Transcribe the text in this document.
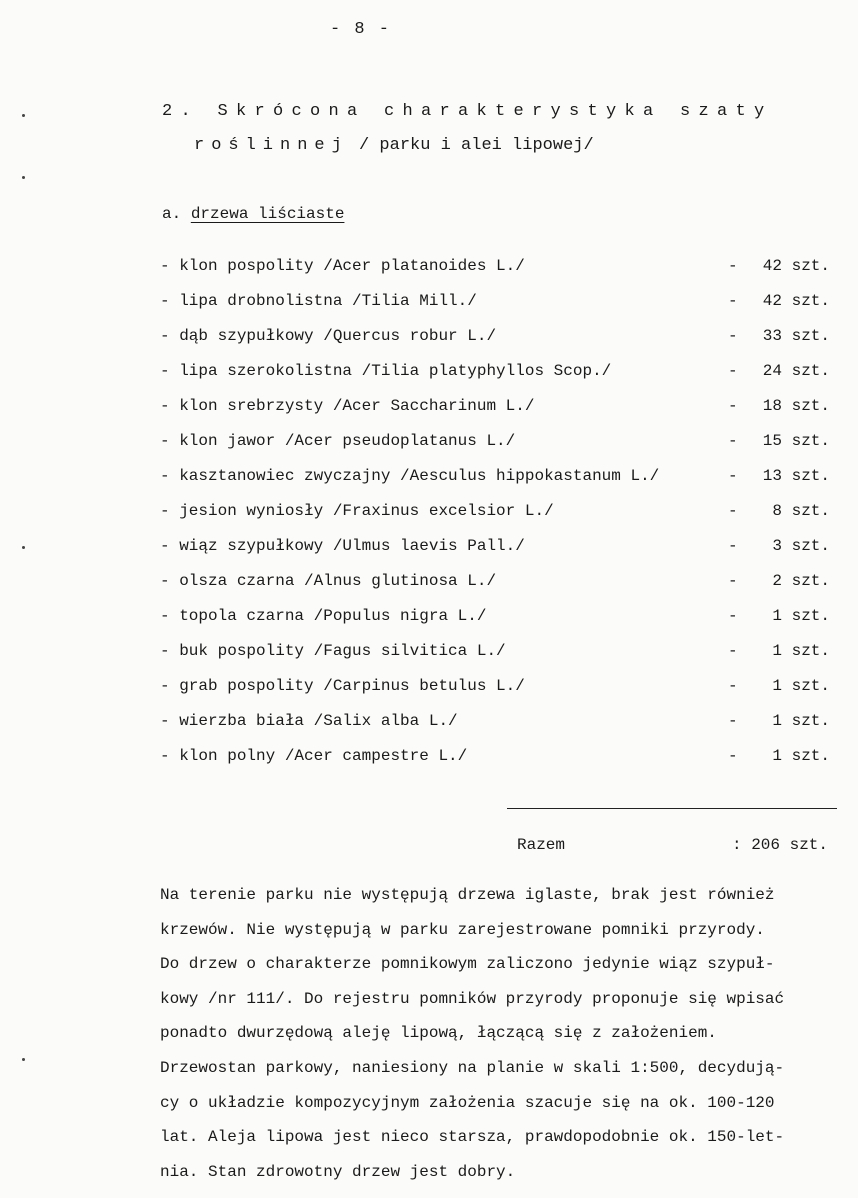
- 8 -
2. Skrócona charakterystyka szaty
roślinnej / parku i alei lipowej/
a. drzewa liściaste
- klon pospolity /Acer platanoides L./	- 42 szt.
- lipa drobnolistna /Tilia Mill./	- 42 szt.
- dąb szypułkowy /Quercus robur L./	- 33 szt.
- lipa szerokolistna /Tilia platyphyllos Scop./	- 24 szt.
- klon srebrzysty /Acer Saccharinum L./	- 18 szt.
- klon jawor /Acer pseudoplatanus L./	- 15 szt.
- kasztanowiec zwyczajny /Aesculus hippokastanum L./	- 13 szt.
- jesion wyniosły /Fraxinus excelsior L./	- 8 szt.
- wiąz szypułkowy /Ulmus laevis Pall./	- 3 szt.
- olsza czarna /Alnus glutinosa L./	- 2 szt.
- topola czarna /Populus nigra L./	- 1 szt.
- buk pospolity /Fagus silvitica L./	- 1 szt.
- grab pospolity /Carpinus betulus L./	- 1 szt.
- wierzba biała /Salix alba L./	- 1 szt.
- klon polny /Acer campestre L./	- 1 szt.
Razem	: 206 szt.
Na terenie parku nie występują drzewa iglaste, brak jest również
krzewów. Nie występują w parku zarejestrowane pomniki przyrody.
Do drzew o charakterze pomnikowym zaliczono jedynie wiąz szypuł-
kowy /nr 111/. Do rejestru pomników przyrody proponuje się wpisać
ponadto dwurzędową aleję lipową, łączącą się z założeniem.
Drzewostan parkowy, naniesiony na planie w skali 1:500, decydują-
cy o układzie kompozycyjnym założenia szacuje się na ok. 100-120
lat. Aleja lipowa jest nieco starsza, prawdopodobnie ok. 150-let-
nia. Stan zdrowotny drzew jest dobry.
